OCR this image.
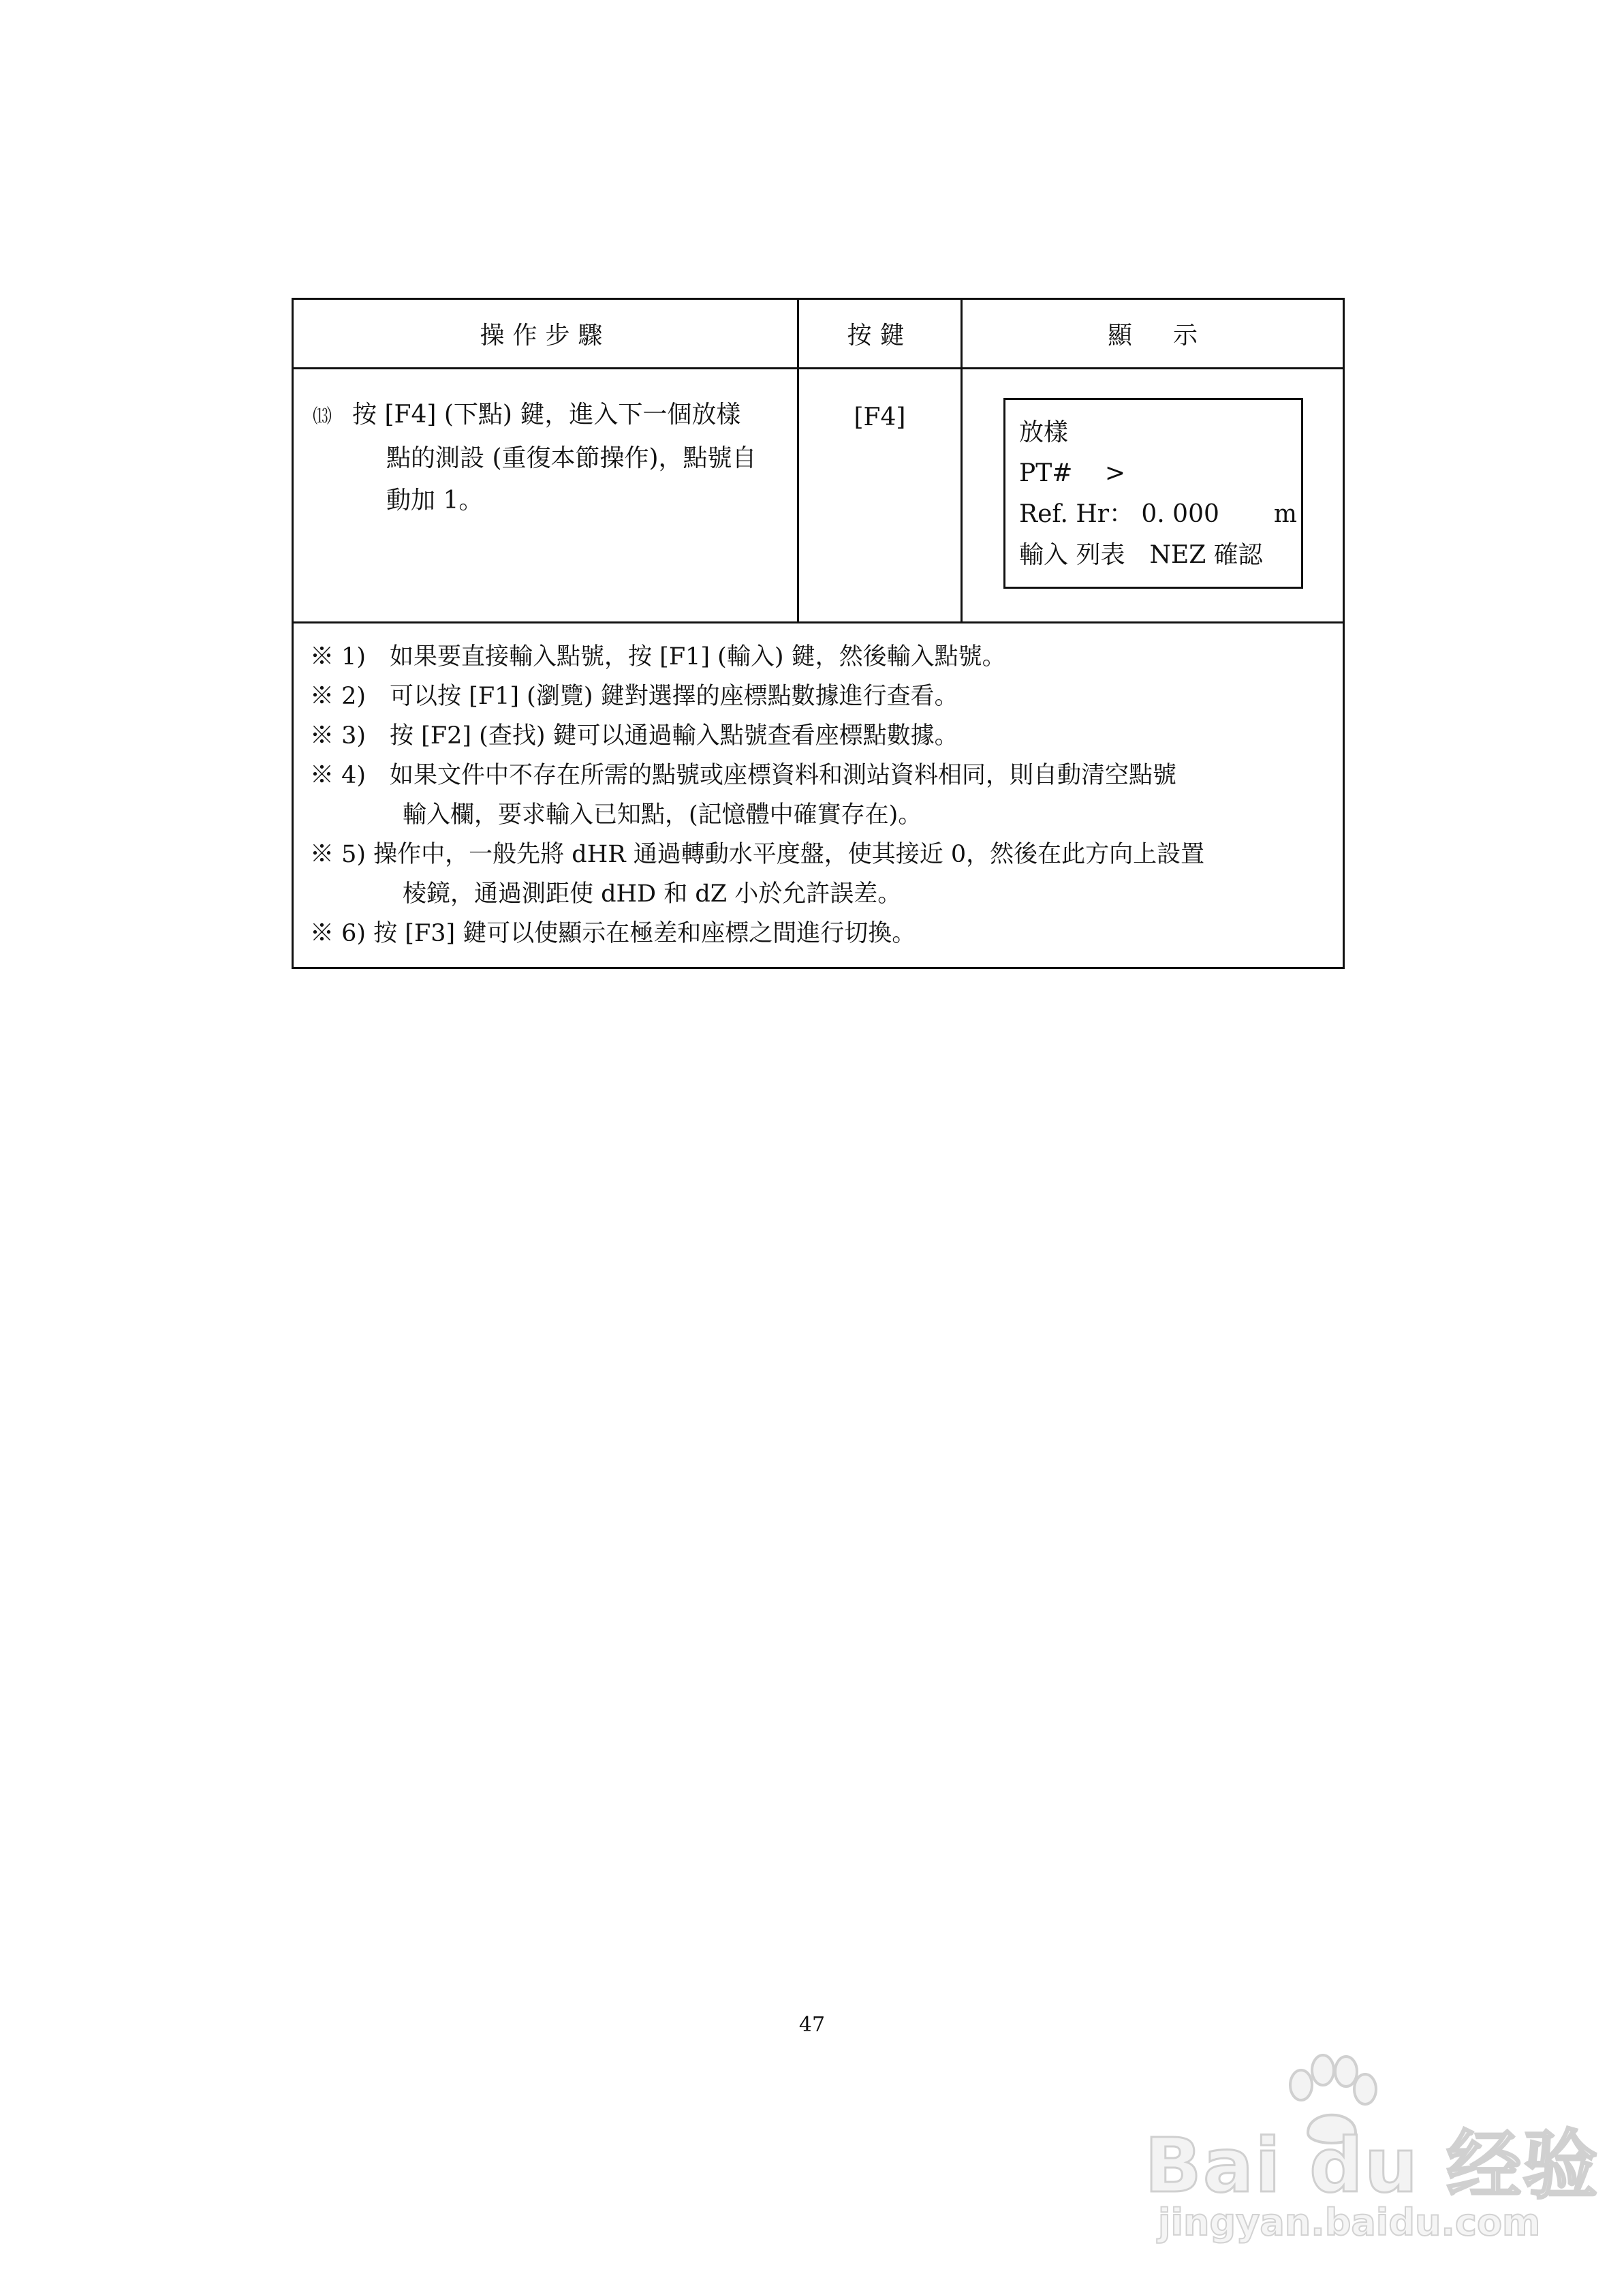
操作步驟	按鍵	顯 示
⒀ 按 [F4] (下點) 鍵，進入下一個放樣
點的測設 (重復本節操作)，點號自
動加 1。
[F4]
放樣
PT#　 >
Ref. Hr： 0. 000 m
輸入 列表　NEZ 確認
※ 1)　如果要直接輸入點號，按 [F1] (輸入) 鍵，然後輸入點號。
※ 2)　可以按 [F1] (瀏覽) 鍵對選擇的座標點數據進行查看。
※ 3)　按 [F2] (查找) 鍵可以通過輸入點號查看座標點數據。
※ 4)　如果文件中不存在所需的點號或座標資料和測站資料相同，則自動清空點號
輸入欄，要求輸入已知點，(記憶體中確實存在)。
※ 5) 操作中，一般先將 dHR 通過轉動水平度盤，使其接近 0，然後在此方向上設置
棱鏡，通過測距使 dHD 和 dZ 小於允許誤差。
※ 6) 按 [F3] 鍵可以使顯示在極差和座標之間進行切換。
47
Bai du 经验
jingyan.baidu.com
